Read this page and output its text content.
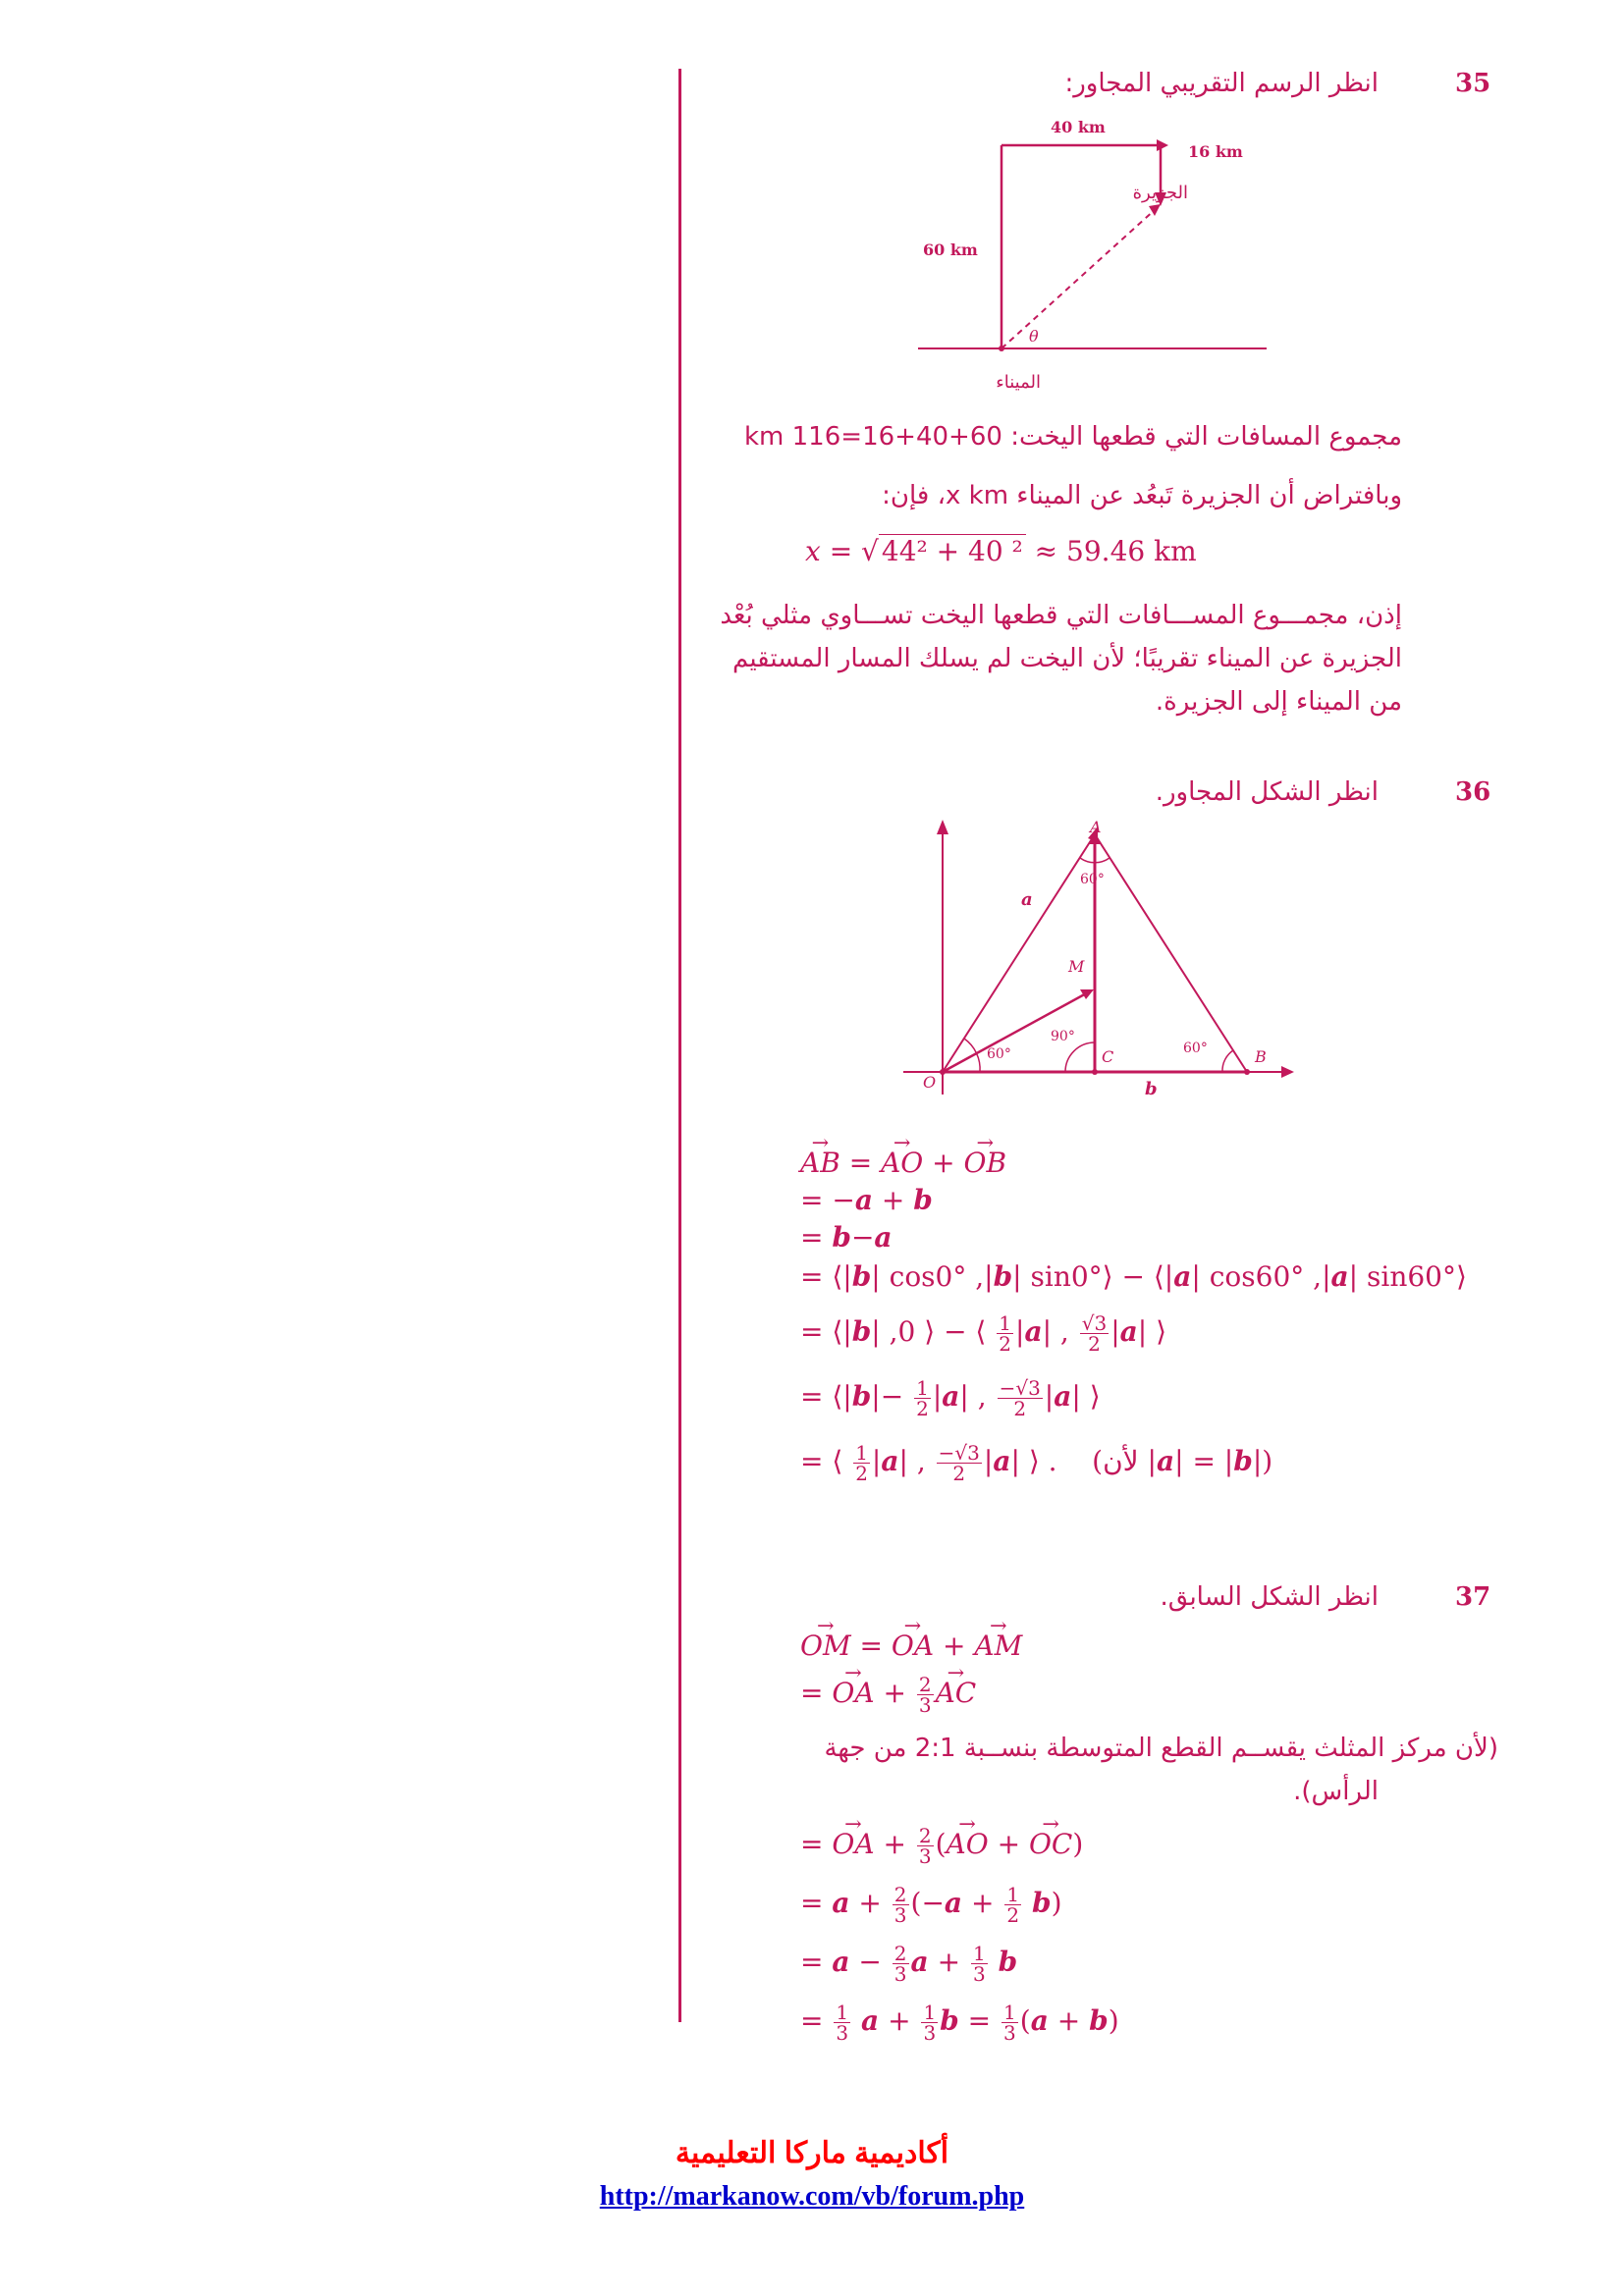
35
انظر الرسم التقريبي المجاور:
40 km
16 km
الجزيرة
60 km
θ
الميناء
مجموع المسافات التي قطعها اليخت: 60+40+16=116 km
وبافتراض أن الجزيرة تَبعُد عن الميناء x km، فإن:
x = √ 44² + 40 ² ≈ 59.46 km
إذن، مجمـــوع المســـافات التي قطعها اليخت تســـاوي مثلي بُعْد
الجزيرة عن الميناء تقريبًا؛ لأن اليخت لم يسلك المسار المستقيم
من الميناء إلى الجزيرة.
36
انظر الشكل المجاور.
A
a
60°
M
90°
60°	C	60°	B
O	b
→ AB = → AO + → OB
= −a + b
= b−a
= ⟨|b| cos0° ,|b| sin0°⟩ − ⟨|a| cos60° ,|a| sin60°⟩
= ⟨|b| ,0 ⟩ − ⟨ $\frac{1}{2} |a|$ , $\frac{√3}{2} |a|$ ⟩
= ⟨|b|− $\frac{1}{2} |a|$ , $\frac{-√3}{2} |a|$ ⟩
= ⟨ $\frac{1}{2} |a|$ , $\frac{-√3}{2} |a|$ ⟩ .    (لأن |a| = |b|)
37
انظر الشكل السابق.
→ OM = → OA + → AM
= → OA + $\frac{2}{3}$
→ AC
(لأن مركز المثلث يقســم القطع المتوسطة بنســبة 2:1 من جهة
الرأس).
= → OA + $\frac{2}{3}$ (→ AO + → OC)
= $a + \frac{2}{3} (-a + \frac{1}{2} b)$
= $a - \frac{2}{3}$ $a + \frac{1}{3}$ b
= $\frac{1}{3}$ $a + \frac{1}{3}$ $b = \frac{1}{3} (a + b)$
أكاديمية ماركا التعليمية
http://markanow.com/vb/forum.php
